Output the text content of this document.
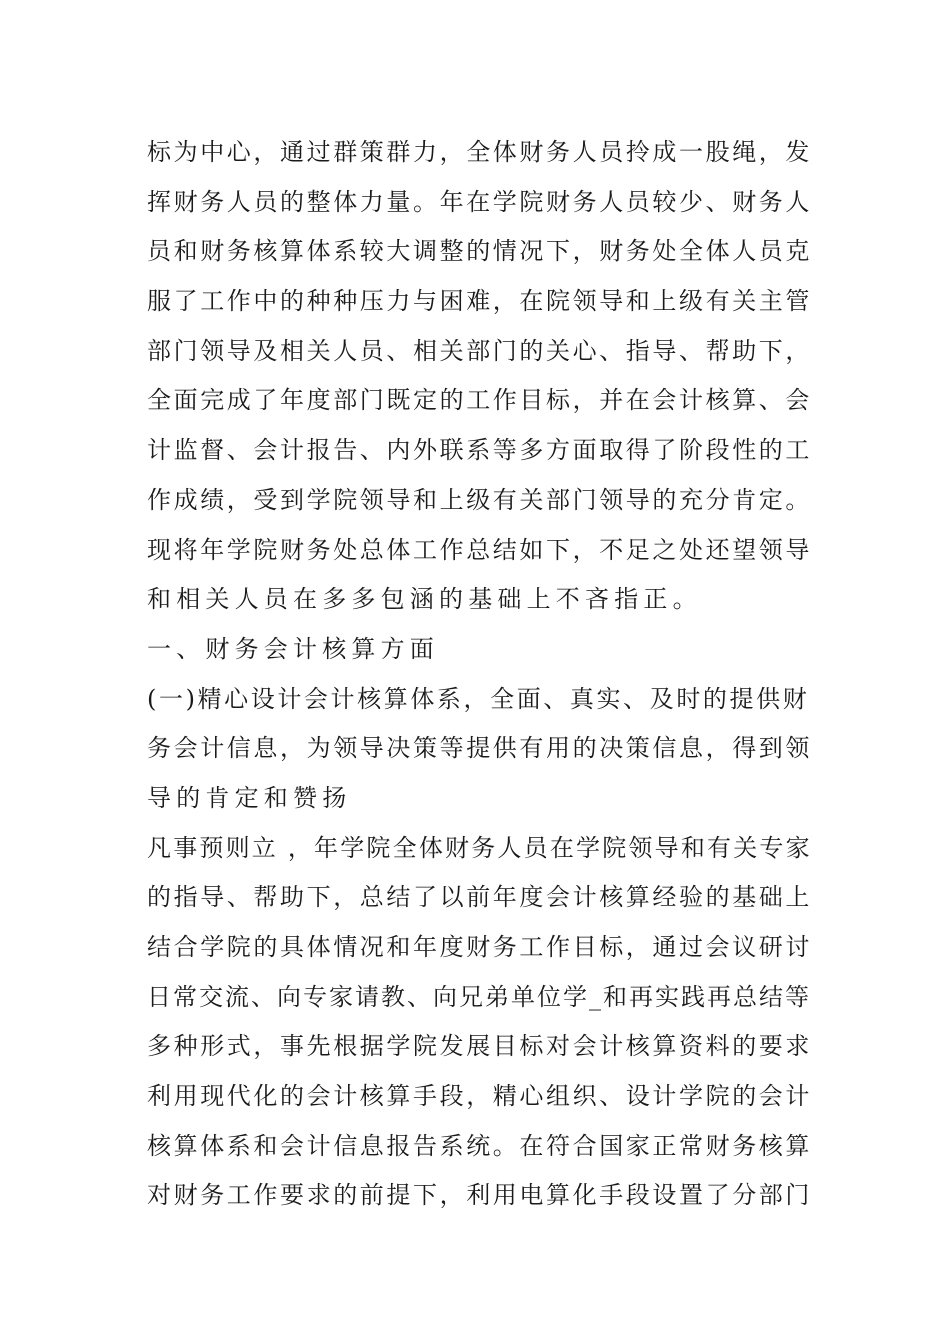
标为中心，通过群策群力，全体财务人员拎成一股绳，发
挥财务人员的整体力量。年在学院财务人员较少、财务人
员和财务核算体系较大调整的情况下，财务处全体人员克
服了工作中的种种压力与困难，在院领导和上级有关主管
部门领导及相关人员、相关部门的关心、指导、帮助下，
全面完成了年度部门既定的工作目标，并在会计核算、会
计监督、会计报告、内外联系等多方面取得了阶段性的工
作成绩，受到学院领导和上级有关部门领导的充分肯定。
现将年学院财务处总体工作总结如下，不足之处还望领导
和相关人员在多多包涵的基础上不吝指正。
一、财务会计核算方面
(一)精心设计会计核算体系，全面、真实、及时的提供财
务会计信息，为领导决策等提供有用的决策信息，得到领
导的肯定和赞扬
凡事预则立 ，年学院全体财务人员在学院领导和有关专家
的指导、帮助下，总结了以前年度会计核算经验的基础上
结合学院的具体情况和年度财务工作目标，通过会议研讨
日常交流、向专家请教、向兄弟单位学_和再实践再总结等
多种形式，事先根据学院发展目标对会计核算资料的要求
利用现代化的会计核算手段，精心组织、设计学院的会计
核算体系和会计信息报告系统。在符合国家正常财务核算
对财务工作要求的前提下，利用电算化手段设置了分部门
